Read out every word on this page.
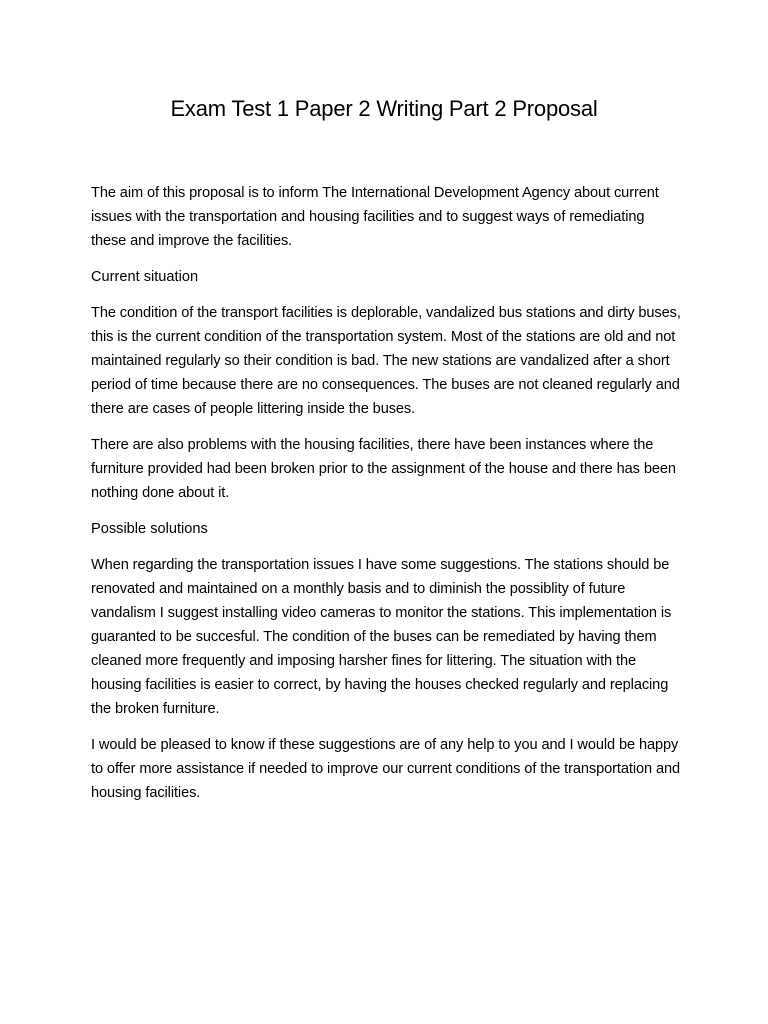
Exam Test 1 Paper 2 Writing Part 2 Proposal

The aim of this proposal is to inform The International Development Agency about current issues with the transportation and housing facilities and to suggest ways of remediating these and improve the facilities.

Current situation

The condition of the transport facilities is deplorable, vandalized bus stations and dirty buses, this is the current condition of the transportation system. Most of the stations are old and not maintained regularly so their condition is bad. The new stations are vandalized after a short period of time because there are no consequences. The buses are not cleaned regularly and there are cases of people littering inside the buses.

There are also problems with the housing facilities, there have been instances where the furniture provided had been broken prior to the assignment of the house and there has been nothing done about it.

Possible solutions

When regarding the transportation issues I have some suggestions. The stations should be renovated and maintained on a monthly basis and to diminish the possiblity of future vandalism I suggest installing video cameras to monitor the stations. This implementation is guaranted to be succesful. The condition of the buses can be remediated by having them cleaned more frequently and imposing harsher fines for littering. The situation with the housing facilities is easier to correct, by having the houses checked regularly and replacing the broken furniture.

I would be pleased to know if these suggestions are of any help to you and I would be happy to offer more assistance if needed to improve our current conditions of the transportation and housing facilities.
